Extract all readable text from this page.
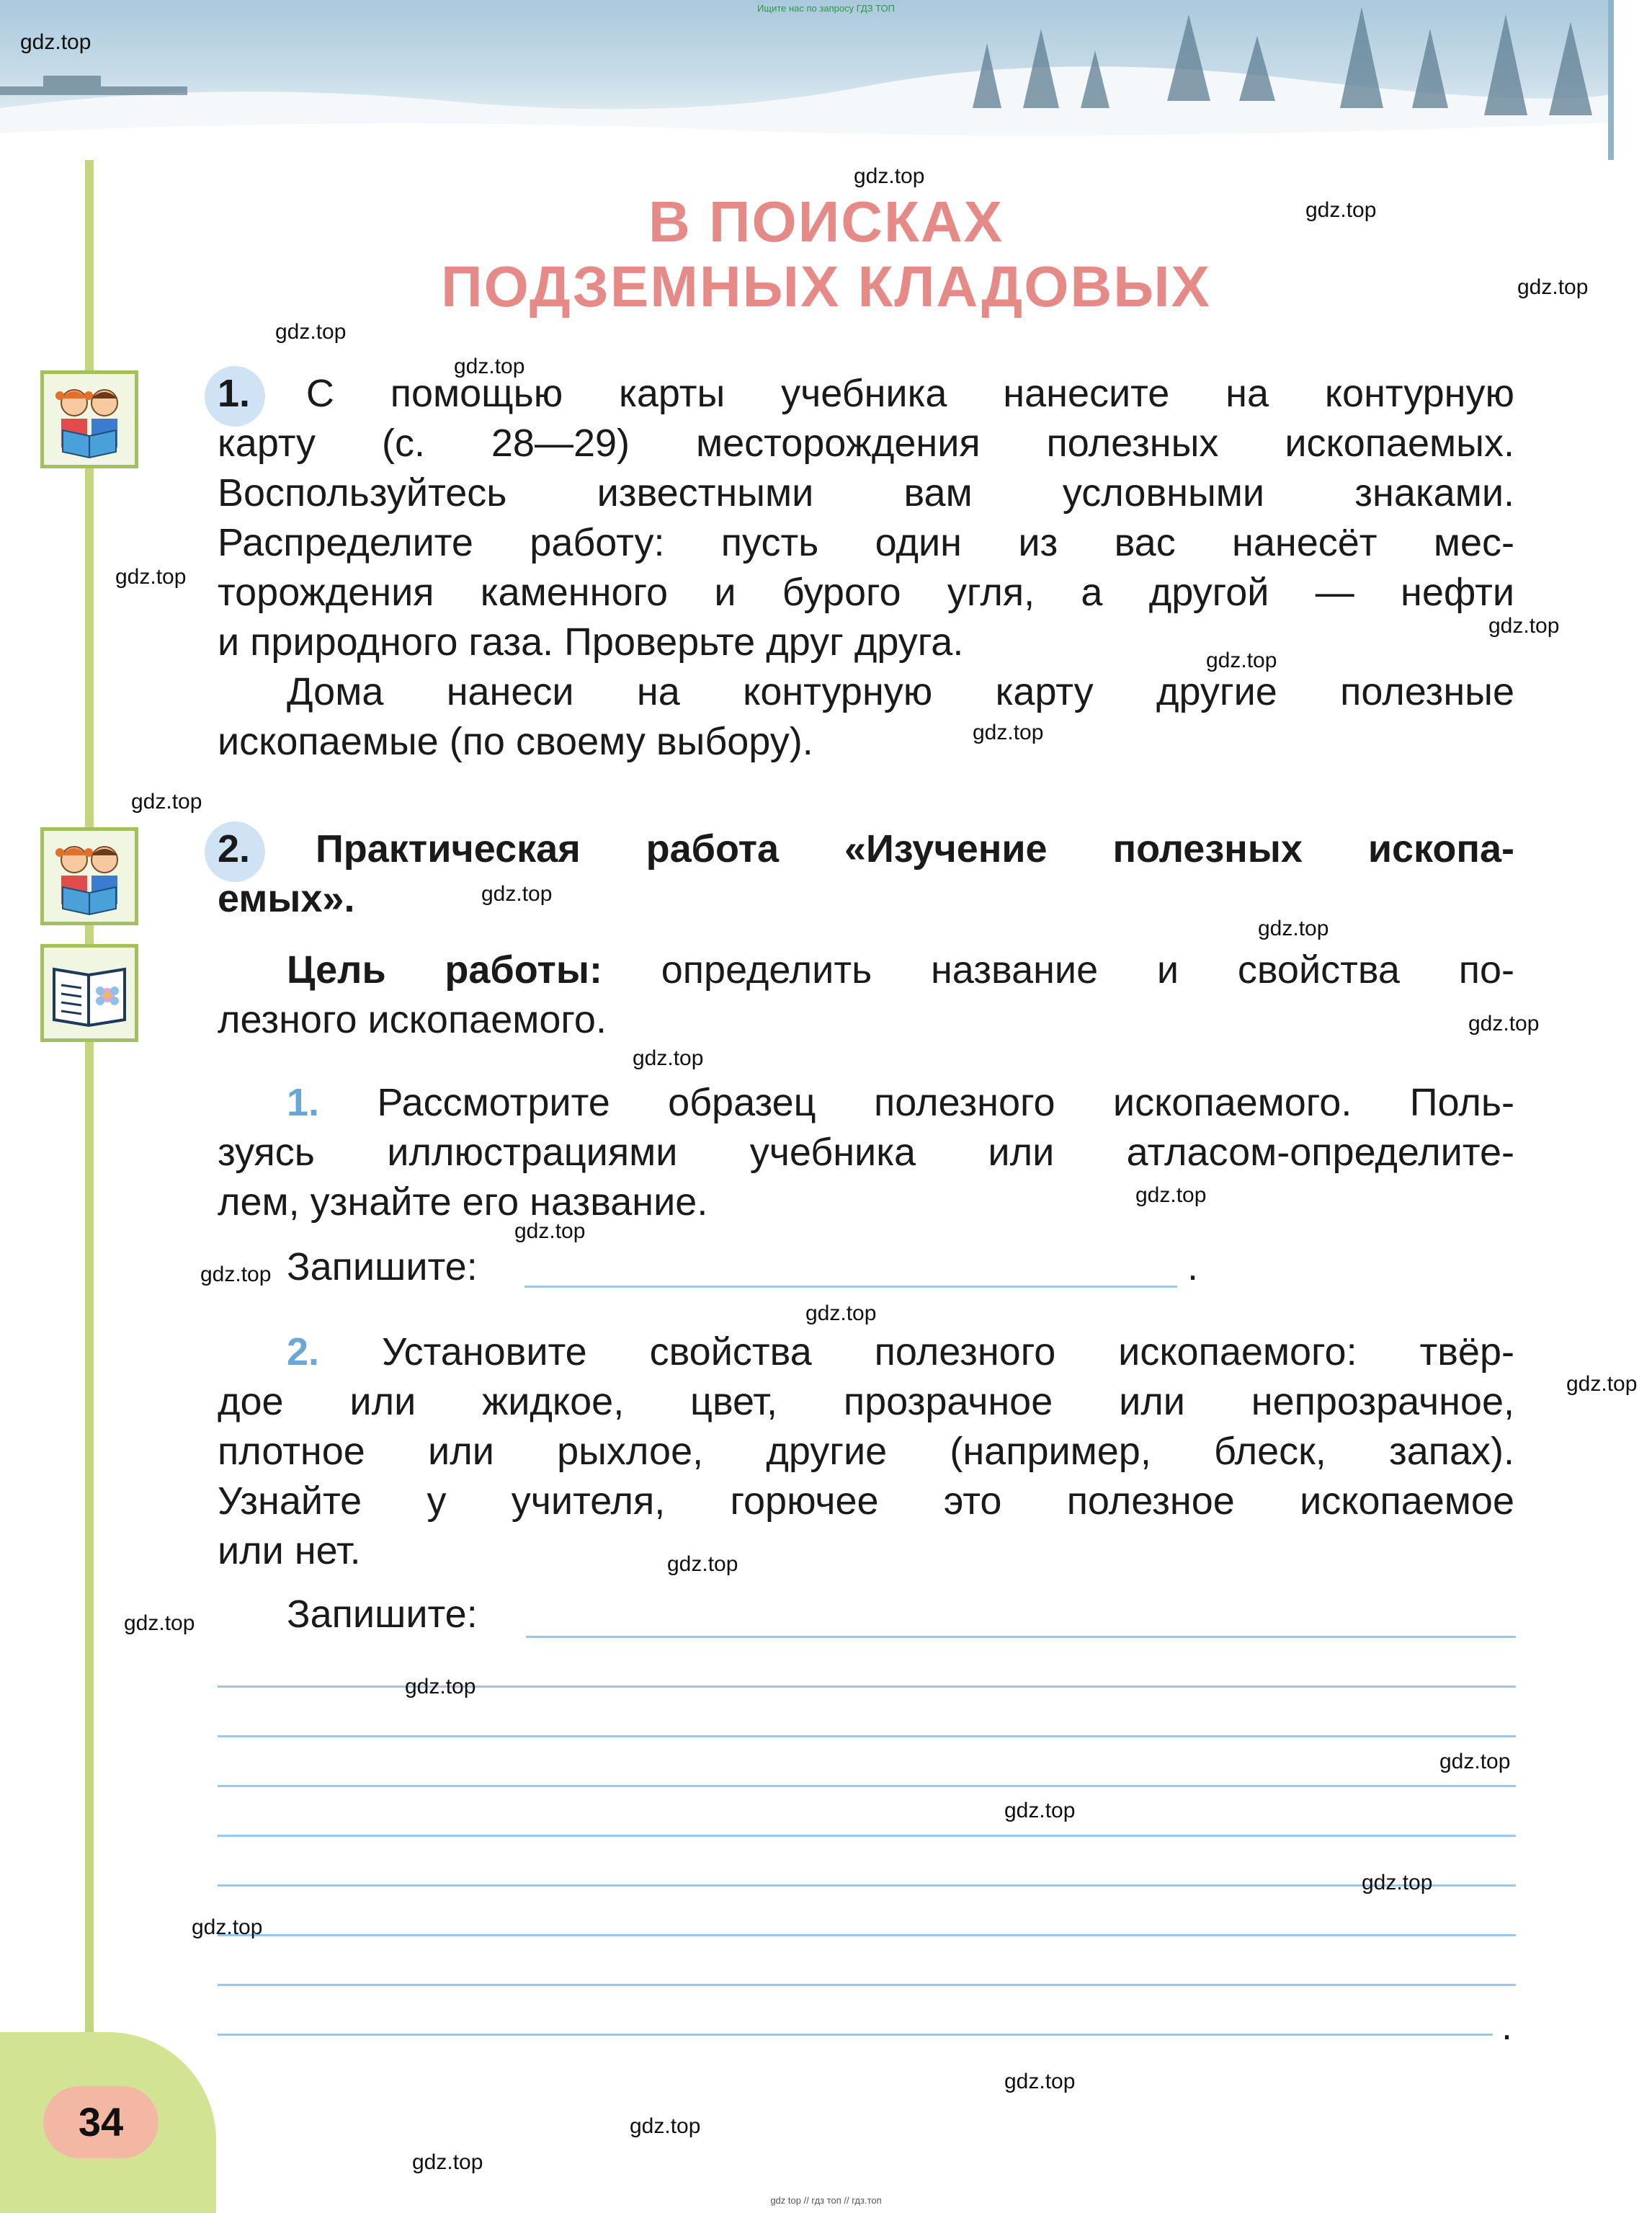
Ищите нас по запросу ГДЗ ТОП
34
В ПОИСКАХ
ПОДЗЕМНЫХ КЛАДОВЫХ
1. С помощью карты учебника нанесите на контурную
карту (с. 28—29) месторождения полезных ископаемых.
Воспользуйтесь известными вам условными знаками.
Распределите работу: пусть один из вас нанесёт мес-
торождения каменного и бурого угля, а другой — нефти
и природного газа. Проверьте друг друга.
Дома нанеси на контурную карту другие полезные
ископаемые (по своему выбору).
2. Практическая работа «Изучение полезных ископа-
емых».
Цель работы: определить название и свойства по-
лезного ископаемого.
1. Рассмотрите образец полезного ископаемого. Поль-
зуясь иллюстрациями учебника или атласом-определите-
лем, узнайте его название.
Запишите:	.
2. Установите свойства полезного ископаемого: твёр-
дое или жидкое, цвет, прозрачное или непрозрачное,
плотное или рыхлое, другие (например, блеск, запах).
Узнайте у учителя, горючее это полезное ископаемое
или нет.
Запишите:
.
gdz.top
gdz.top
gdz.top
gdz.top
gdz.top
gdz.top
gdz.top
gdz.top
gdz.top
gdz.top
gdz.top
gdz.top
gdz.top
gdz.top
gdz.top
gdz.top
gdz.top
gdz.top
gdz.top
gdz.top
gdz.top
gdz.top
gdz.top
gdz.top
gdz.top
gdz.top
gdz.top
gdz.top
gdz.top
gdz.top
gdz top // гдз топ // гдз.топ
